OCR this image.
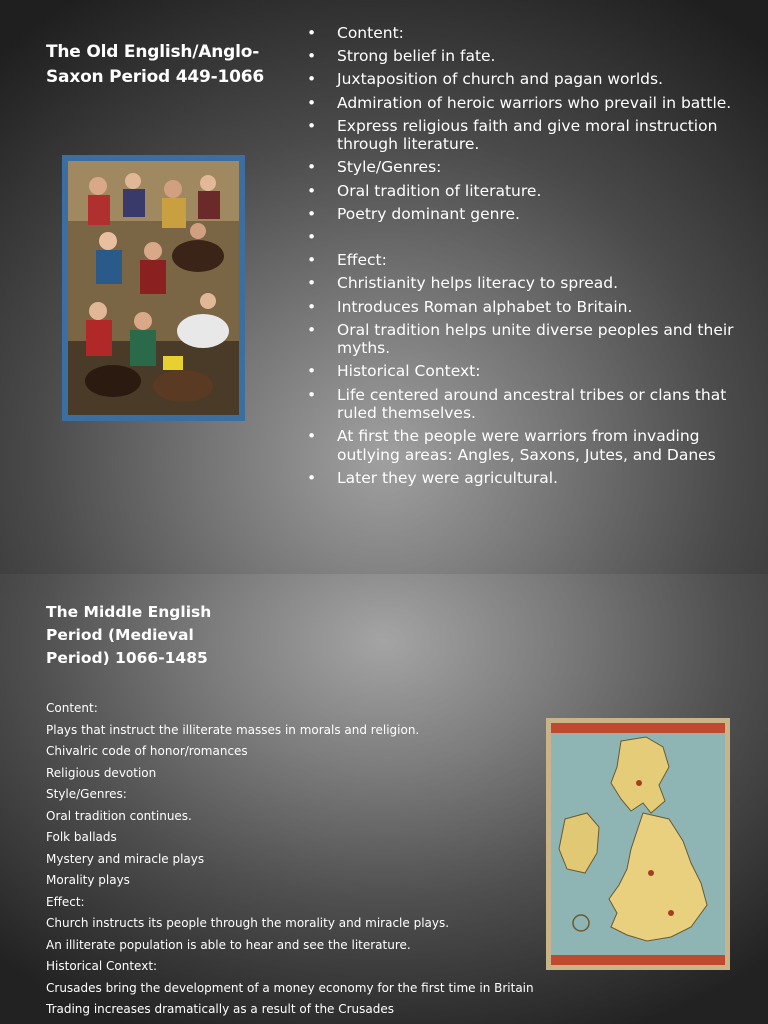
The Old English/Anglo-
Saxon Period 449-1066
• Content:
• Strong belief in fate.
• Juxtaposition of church and pagan worlds.
• Admiration of heroic warriors who prevail in battle.
• Express religious faith and give moral instruction through literature.
• Style/Genres:
• Oral tradition of literature.
• Poetry dominant genre.
•
• Effect:
• Christianity helps literacy to spread.
• Introduces Roman alphabet to Britain.
• Oral tradition helps unite diverse peoples and their myths.
• Historical Context:
• Life centered around ancestral tribes or clans that ruled themselves.
• At first the people were warriors from invading outlying areas: Angles, Saxons, Jutes, and Danes
• Later they were agricultural.
The Middle English
Period (Medieval
Period) 1066-1485
Content:
Plays that instruct the illiterate masses in morals and religion.
Chivalric code of honor/romances
Religious devotion
Style/Genres:
Oral tradition continues.
Folk ballads
Mystery and miracle plays
Morality plays
Effect:
Church instructs its people through the morality and miracle plays.
An illiterate population is able to hear and see the literature.
Historical Context:
Crusades bring the development of a money economy for the first time in Britain
Trading increases dramatically as a result of the Crusades
